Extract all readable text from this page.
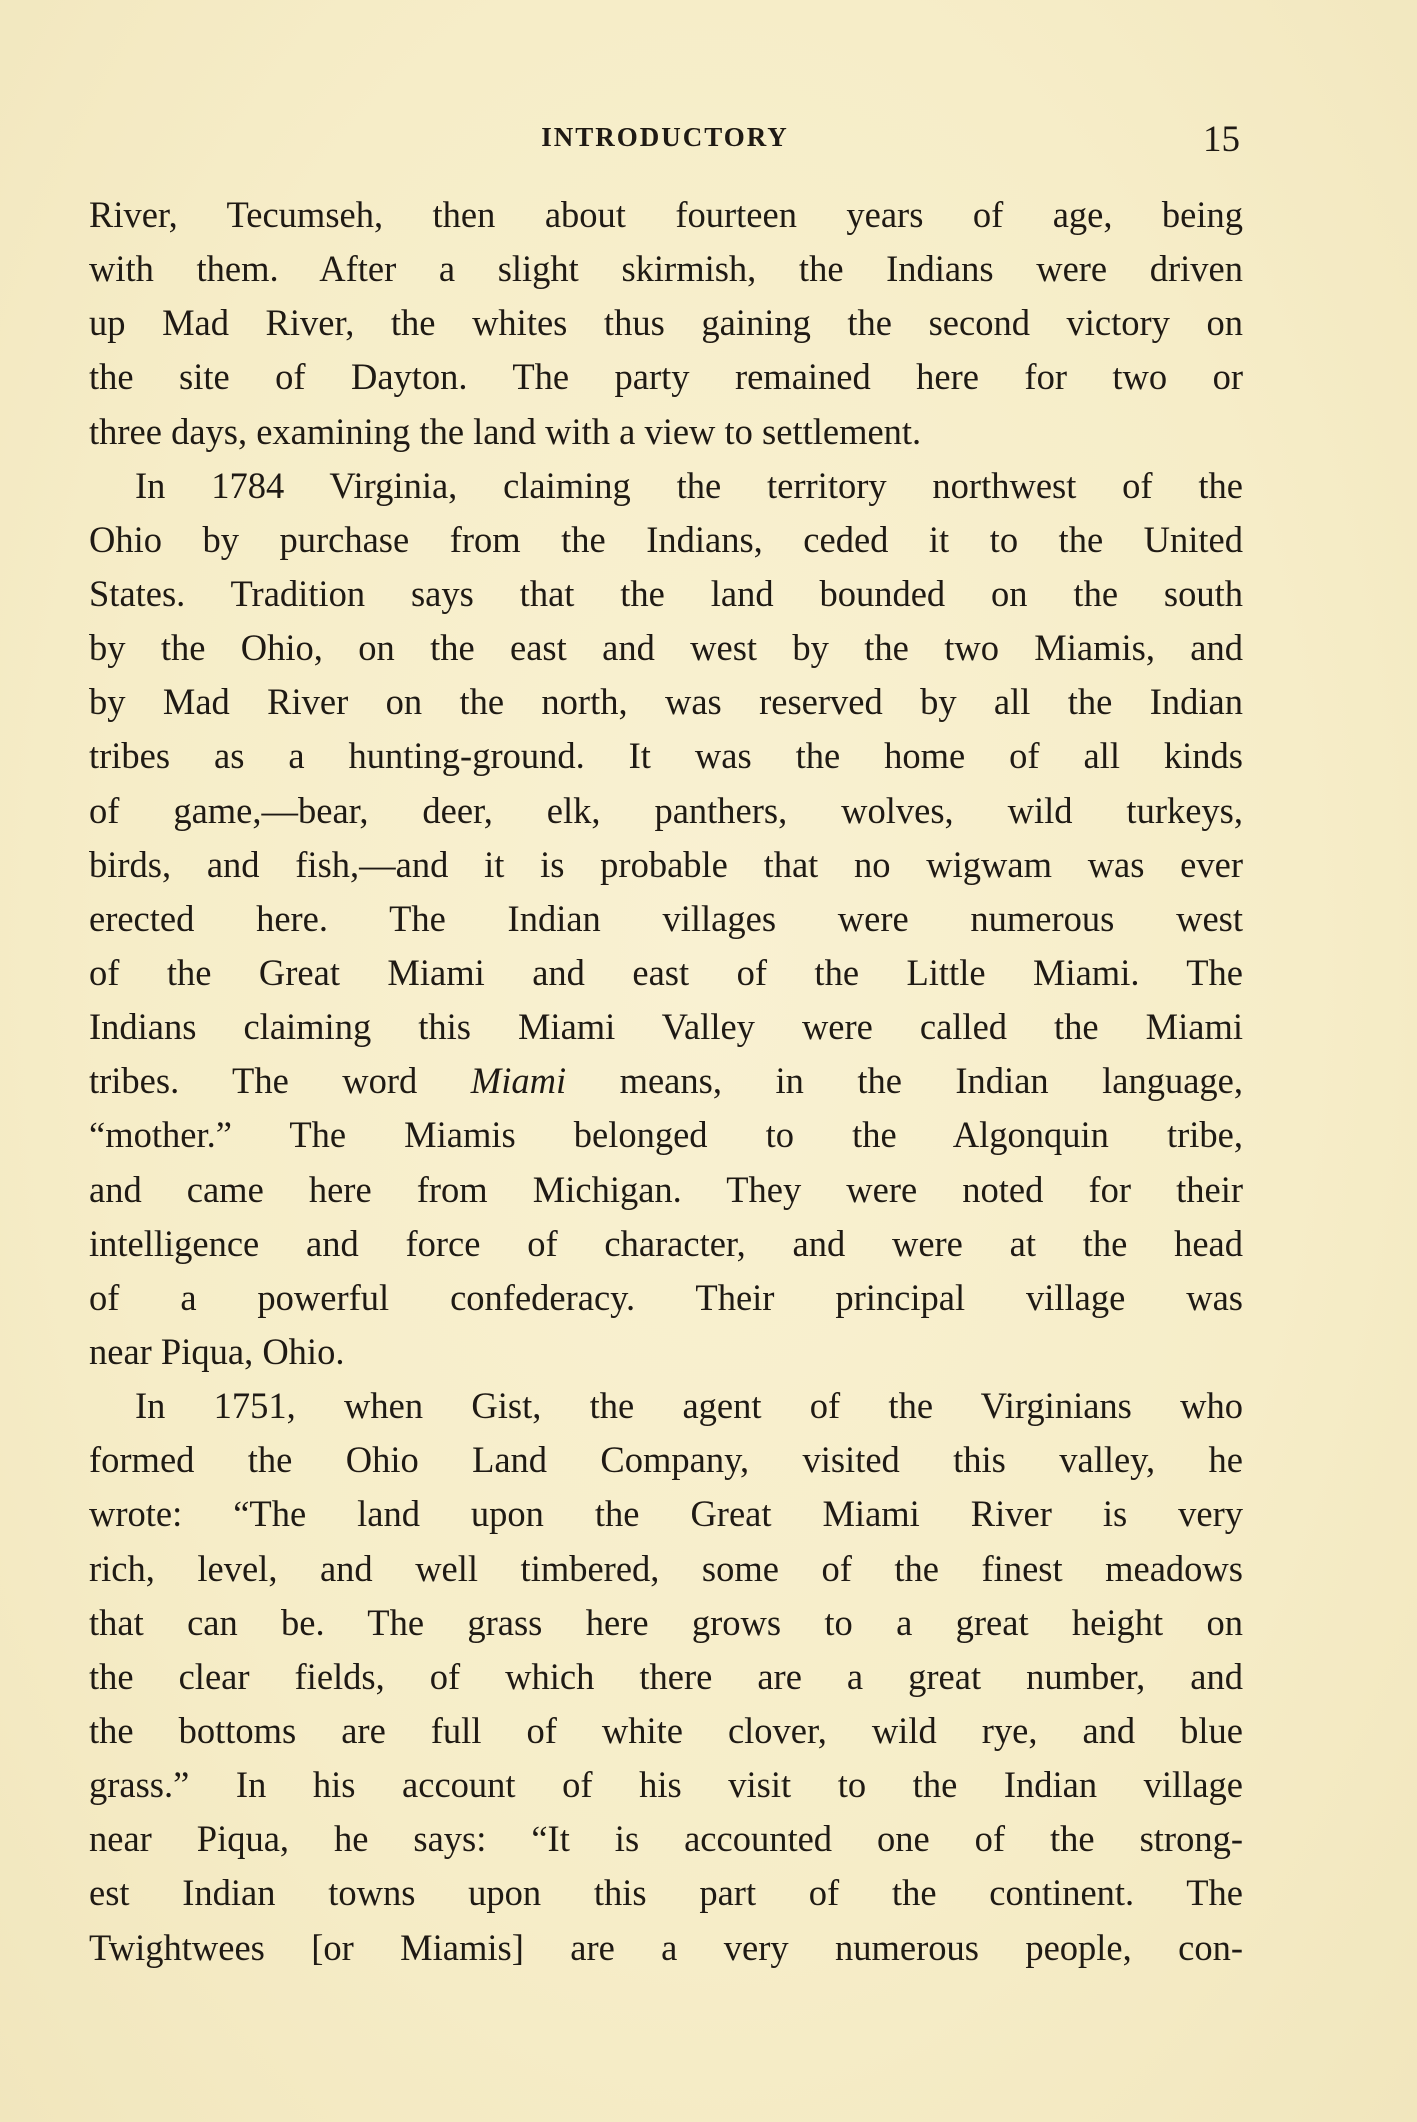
INTRODUCTORY	15
River, Tecumseh, then about fourteen years of age, being
with them. After a slight skirmish, the Indians were driven
up Mad River, the whites thus gaining the second victory on
the site of Dayton. The party remained here for two or
three days, examining the land with a view to settlement.
In 1784 Virginia, claiming the territory northwest of the
Ohio by purchase from the Indians, ceded it to the United
States. Tradition says that the land bounded on the south
by the Ohio, on the east and west by the two Miamis, and
by Mad River on the north, was reserved by all the Indian
tribes as a hunting-ground. It was the home of all kinds
of game,—bear, deer, elk, panthers, wolves, wild turkeys,
birds, and fish,—and it is probable that no wigwam was ever
erected here. The Indian villages were numerous west
of the Great Miami and east of the Little Miami. The
Indians claiming this Miami Valley were called the Miami
tribes. The word Miami means, in the Indian language,
“mother.” The Miamis belonged to the Algonquin tribe,
and came here from Michigan. They were noted for their
intelligence and force of character, and were at the head
of a powerful confederacy. Their principal village was
near Piqua, Ohio.
In 1751, when Gist, the agent of the Virginians who
formed the Ohio Land Company, visited this valley, he
wrote: “The land upon the Great Miami River is very
rich, level, and well timbered, some of the finest meadows
that can be. The grass here grows to a great height on
the clear fields, of which there are a great number, and
the bottoms are full of white clover, wild rye, and blue
grass.” In his account of his visit to the Indian village
near Piqua, he says: “It is accounted one of the strong-
est Indian towns upon this part of the continent. The
Twightwees [or Miamis] are a very numerous people, con-
